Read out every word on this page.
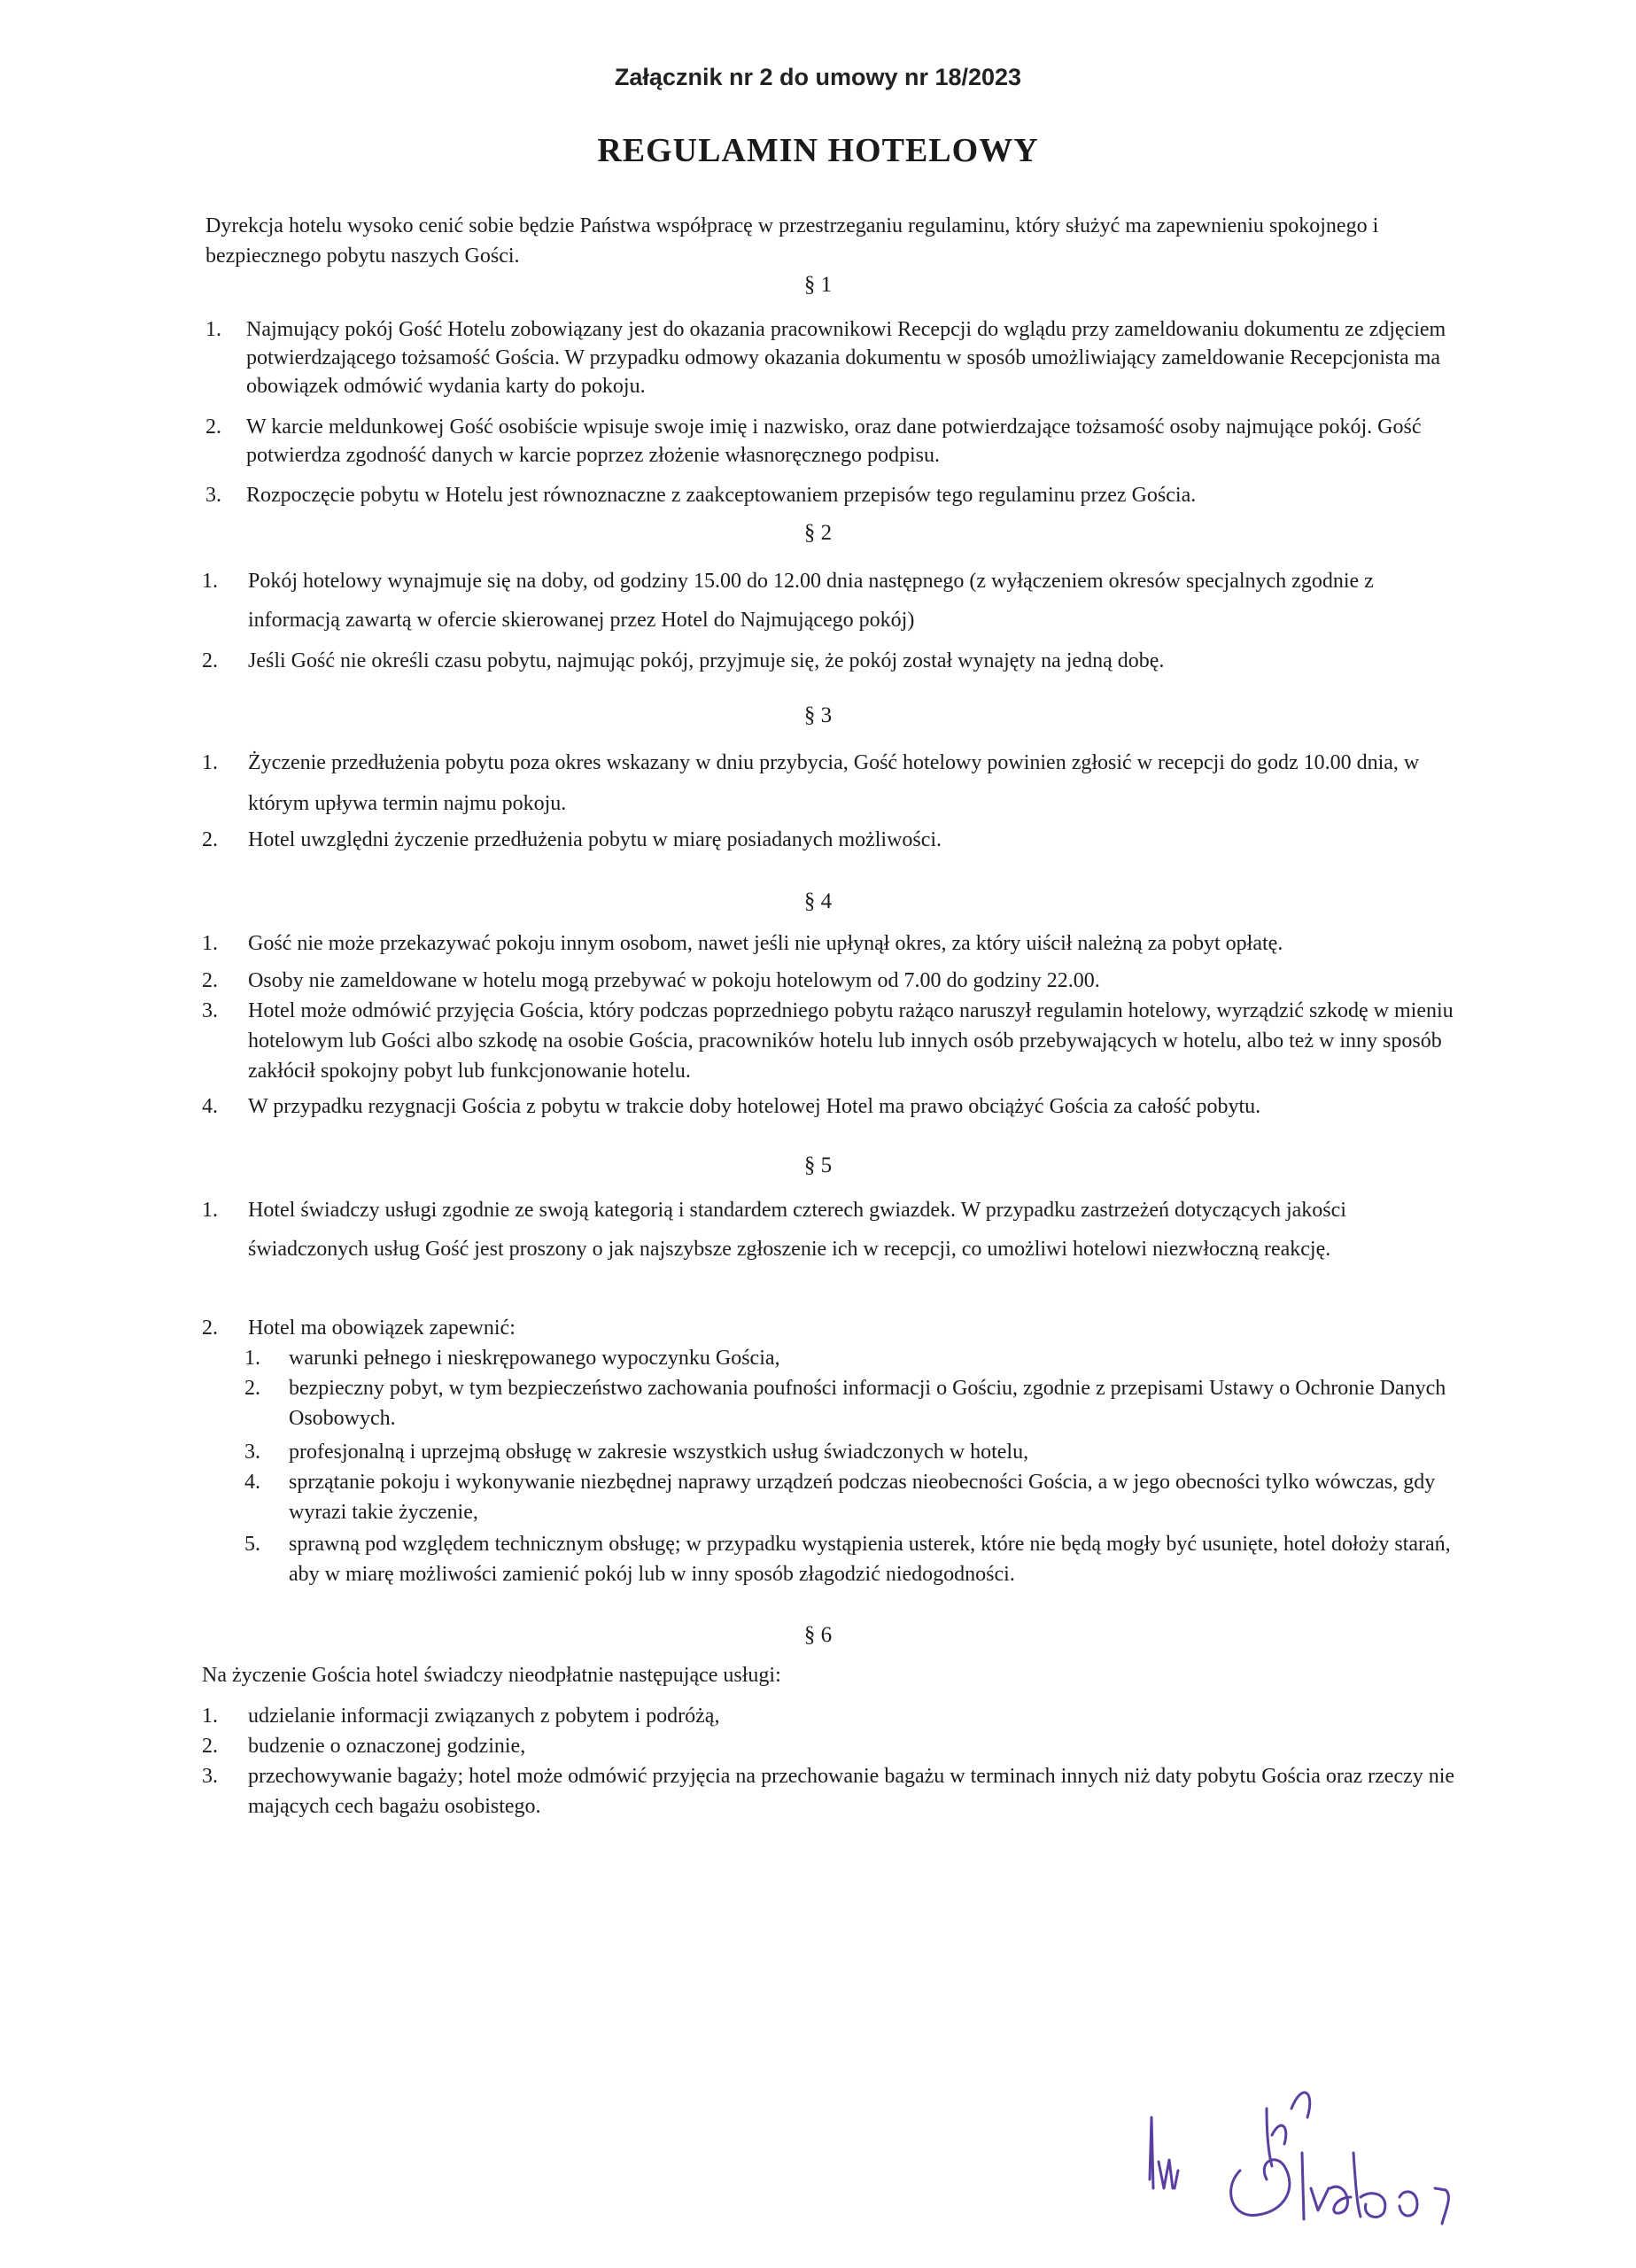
Załącznik nr 2 do umowy nr 18/2023
REGULAMIN HOTELOWY
Dyrekcja hotelu wysoko cenić sobie będzie Państwa współpracę w przestrzeganiu regulaminu, który służyć ma zapewnieniu spokojnego i bezpiecznego pobytu naszych Gości.
§ 1
1. Najmujący pokój Gość Hotelu zobowiązany jest do okazania pracownikowi Recepcji do wglądu przy zameldowaniu dokumentu ze zdjęciem potwierdzającego tożsamość Gościa. W przypadku odmowy okazania dokumentu w sposób umożliwiający zameldowanie Recepcjonista ma obowiązek odmówić wydania karty do pokoju.
2. W karcie meldunkowej Gość osobiście wpisuje swoje imię i nazwisko, oraz dane potwierdzające tożsamość osoby najmujące pokój. Gość potwierdza zgodność danych w karcie poprzez złożenie własnoręcznego podpisu.
3. Rozpoczęcie pobytu w Hotelu jest równoznaczne z zaakceptowaniem przepisów tego regulaminu przez Gościa.
§ 2
1. Pokój hotelowy wynajmuje się na doby, od godziny 15.00 do 12.00 dnia następnego (z wyłączeniem okresów specjalnych zgodnie z informacją zawartą w ofercie skierowanej przez Hotel do Najmującego pokój)
2. Jeśli Gość nie określi czasu pobytu, najmując pokój, przyjmuje się, że pokój został wynajęty na jedną dobę.
§ 3
1. Życzenie przedłużenia pobytu poza okres wskazany w dniu przybycia, Gość hotelowy powinien zgłosić w recepcji do godz 10.00 dnia, w którym upływa termin najmu pokoju.
2. Hotel uwzględni życzenie przedłużenia pobytu w miarę posiadanych możliwości.
§ 4
1. Gość nie może przekazywać pokoju innym osobom, nawet jeśli nie upłynął okres, za który uiścił należną za pobyt opłatę.
2. Osoby nie zameldowane w hotelu mogą przebywać w pokoju hotelowym od 7.00 do godziny 22.00.
3. Hotel może odmówić przyjęcia Gościa, który podczas poprzedniego pobytu rażąco naruszył regulamin hotelowy, wyrządzić szkodę w mieniu hotelowym lub Gości albo szkodę na osobie Gościa, pracowników hotelu lub innych osób przebywających w hotelu, albo też w inny sposób zakłócił spokojny pobyt lub funkcjonowanie hotelu.
4. W przypadku rezygnacji Gościa z pobytu w trakcie doby hotelowej Hotel ma prawo obciążyć Gościa za całość pobytu.
§ 5
1. Hotel świadczy usługi zgodnie ze swoją kategorią i standardem czterech gwiazdek. W przypadku zastrzeżeń dotyczących jakości świadczonych usług Gość jest proszony o jak najszybsze zgłoszenie ich w recepcji, co umożliwi hotelowi niezwłoczną reakcję.
2. Hotel ma obowiązek zapewnić:
1. warunki pełnego i nieskrępowanego wypoczynku Gościa,
2. bezpieczny pobyt, w tym bezpieczeństwo zachowania poufności informacji o Gościu, zgodnie z przepisami Ustawy o Ochronie Danych Osobowych.
3. profesjonalną i uprzejmą obsługę w zakresie wszystkich usług świadczonych w hotelu,
4. sprzątanie pokoju i wykonywanie niezbędnej naprawy urządzeń podczas nieobecności Gościa, a w jego obecności tylko wówczas, gdy wyrazi takie życzenie,
5. sprawną pod względem technicznym obsługę; w przypadku wystąpienia usterek, które nie będą mogły być usunięte, hotel dołoży starań, aby w miarę możliwości zamienić pokój lub w inny sposób złagodzić niedogodności.
§ 6
Na życzenie Gościa hotel świadczy nieodpłatnie następujące usługi:
1. udzielanie informacji związanych z pobytem i podróżą,
2. budzenie o oznaczonej godzinie,
3. przechowywanie bagaży; hotel może odmówić przyjęcia na przechowanie bagażu w terminach innych niż daty pobytu Gościa oraz rzeczy nie mających cech bagażu osobistego.
